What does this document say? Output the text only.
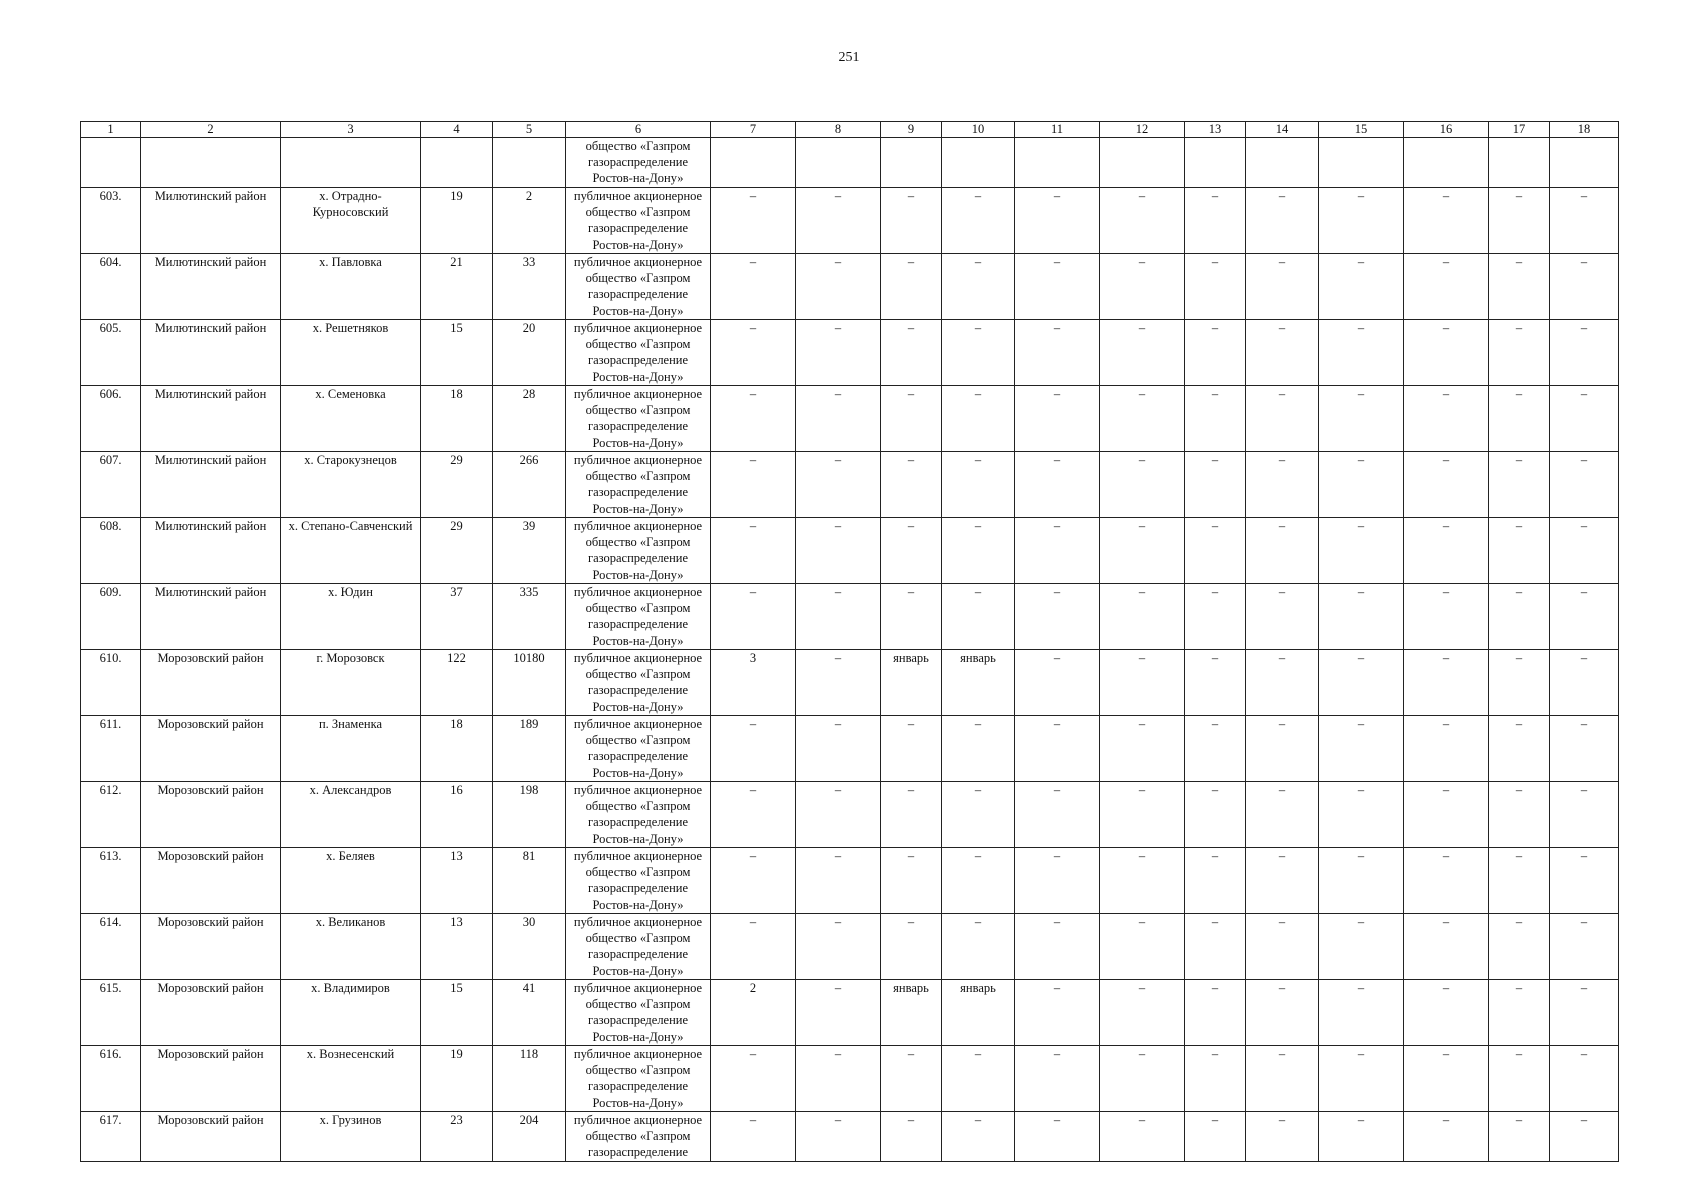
251
1	2	3	4	5	6	7	8	9	10	11	12	13	14	15	16	17	18
					общество «Газпром газораспределение Ростов-на-Дону»												
603.	Милютинский район	х. Отрадно-Курносовский	19	2	публичное акционерное общество «Газпром газораспределение Ростов-на-Дону»	–	–	–	–	–	–	–	–	–	–	–	–
604.	Милютинский район	х. Павловка	21	33	публичное акционерное общество «Газпром газораспределение Ростов-на-Дону»	–	–	–	–	–	–	–	–	–	–	–	–
605.	Милютинский район	х. Решетняков	15	20	публичное акционерное общество «Газпром газораспределение Ростов-на-Дону»	–	–	–	–	–	–	–	–	–	–	–	–
606.	Милютинский район	х. Семеновка	18	28	публичное акционерное общество «Газпром газораспределение Ростов-на-Дону»	–	–	–	–	–	–	–	–	–	–	–	–
607.	Милютинский район	х. Старокузнецов	29	266	публичное акционерное общество «Газпром газораспределение Ростов-на-Дону»	–	–	–	–	–	–	–	–	–	–	–	–
608.	Милютинский район	х. Степано-Савченский	29	39	публичное акционерное общество «Газпром газораспределение Ростов-на-Дону»	–	–	–	–	–	–	–	–	–	–	–	–
609.	Милютинский район	х. Юдин	37	335	публичное акционерное общество «Газпром газораспределение Ростов-на-Дону»	–	–	–	–	–	–	–	–	–	–	–	–
610.	Морозовский район	г. Морозовск	122	10180	публичное акционерное общество «Газпром газораспределение Ростов-на-Дону»	3	–	январь	январь	–	–	–	–	–	–	–	–
611.	Морозовский район	п. Знаменка	18	189	публичное акционерное общество «Газпром газораспределение Ростов-на-Дону»	–	–	–	–	–	–	–	–	–	–	–	–
612.	Морозовский район	х. Александров	16	198	публичное акционерное общество «Газпром газораспределение Ростов-на-Дону»	–	–	–	–	–	–	–	–	–	–	–	–
613.	Морозовский район	х. Беляев	13	81	публичное акционерное общество «Газпром газораспределение Ростов-на-Дону»	–	–	–	–	–	–	–	–	–	–	–	–
614.	Морозовский район	х. Великанов	13	30	публичное акционерное общество «Газпром газораспределение Ростов-на-Дону»	–	–	–	–	–	–	–	–	–	–	–	–
615.	Морозовский район	х. Владимиров	15	41	публичное акционерное общество «Газпром газораспределение Ростов-на-Дону»	2	–	январь	январь	–	–	–	–	–	–	–	–
616.	Морозовский район	х. Вознесенский	19	118	публичное акционерное общество «Газпром газораспределение Ростов-на-Дону»	–	–	–	–	–	–	–	–	–	–	–	–
617.	Морозовский район	х. Грузинов	23	204	публичное акционерное общество «Газпром газораспределение	–	–	–	–	–	–	–	–	–	–	–	–
